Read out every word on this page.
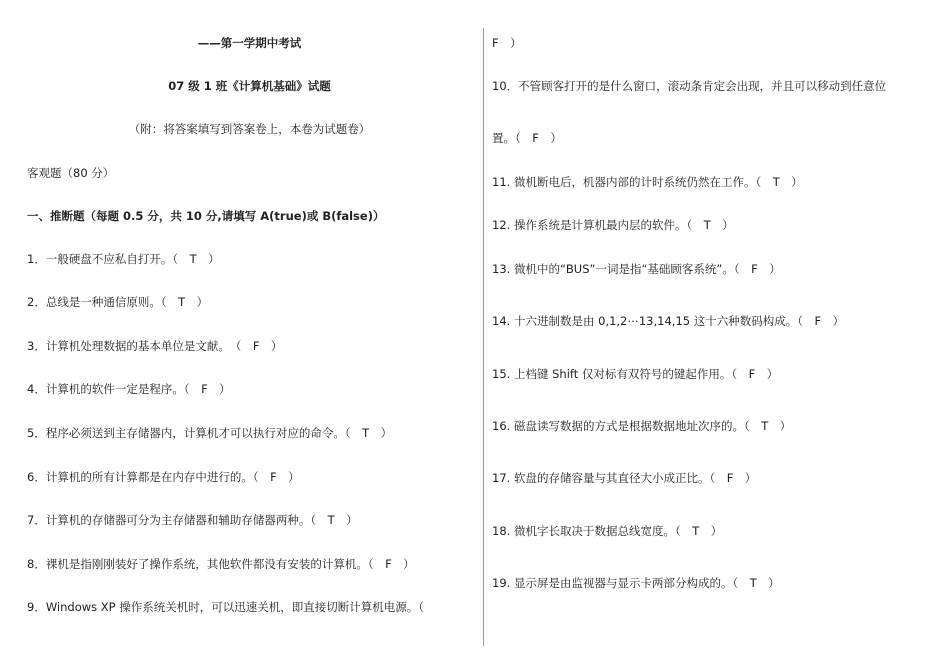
——第一学期中考试
07 级 1 班《计算机基础》试题
（附：将答案填写到答案卷上，本卷为试题卷）
客观题（80 分）
一、推断题（每题 0.5 分，共 10 分,请填写 A(true)或 B(false)）
1．一般硬盘不应私自打开。（　T　）
2．总线是一种通信原则。（　T　）
3．计算机处理数据的基本单位是文献。　（　F　）
4．计算机的软件一定是程序。（　F　）
5．程序必须送到主存储器内，计算机才可以执行对应的命令。（　T　）
6．计算机的所有计算都是在内存中进行的。（　F　）
7．计算机的存储器可分为主存储器和辅助存储器两种。（　T　）
8．裸机是指刚刚装好了操作系统，其他软件都没有安装的计算机。（　F　）
9．Windows XP 操作系统关机时，可以迅速关机，即直接切断计算机电源。（
F　）
10．不管顾客打开的是什么窗口，滚动条肯定会出现，并且可以移动到任意位
置。（　F　）
11. 微机断电后，机器内部的计时系统仍然在工作。（　T　）
12. 操作系统是计算机最内层的软件。（　T　）
13. 微机中的“BUS”一词是指“基础顾客系统”。（　F　）
14. 十六进制数是由 0,1,2⋯13,14,15 这十六种数码构成。（　F　）
15. 上档键 Shift 仅对标有双符号的键起作用。（　F　）
16. 磁盘读写数据的方式是根据数据地址次序的。（　T　）
17. 软盘的存储容量与其直径大小成正比。（　F　）
18. 微机字长取决于数据总线宽度。（　T　）
19. 显示屏是由监视器与显示卡两部分构成的。（　T　）
